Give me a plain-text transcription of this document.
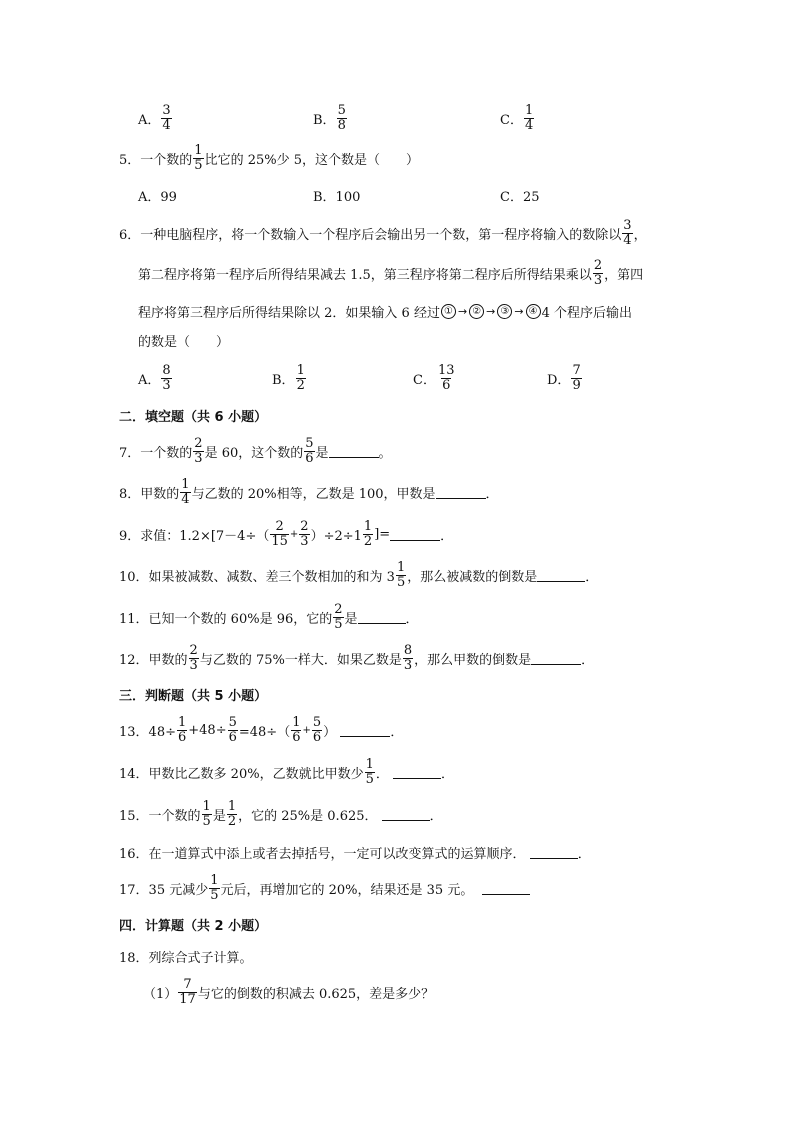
A． $\frac{3}{4}$	B． $\frac{5}{8}$	C． $\frac{1}{4}$
5． 一个数的 $\frac{1}{5}$ 比它的 25%少 5，这个数是（　　）
A．99	B．100	C．25
6． 一种电脑程序，将一个数输入一个程序后会输出另一个数，第一程序将输入的数除以 $\frac{3}{4}$ ，
第二程序将第一程序后所得结果减去 1.5，第三程序将第二程序后所得结果乘以 $\frac{2}{3}$ ，第四
程序将第三程序后所得结果除以 2．如果输入 6 经过 ① → ② → ③ → ④ 4 个程序后输出
的数是（　　）
A． $\frac{8}{3}$	B． $\frac{1}{2}$	C． $\frac{13}{6}$	D． $\frac{7}{9}$
二．填空题（共 6 小题）
7．一个数的 $\frac{2}{3}$ 是 60，这个数的 $\frac{5}{6}$ 是	。
8．甲数的 $\frac{1}{4}$ 与乙数的 20%相等，乙数是 100，甲数是	．
9．求值：$1.2\times[7-4\div( \frac{2}{15} + \frac{2}{3} )\div 2\div 1 \frac{1}{2}$ ]=	．
10．如果被减数、减数、差三个数相加的和为 $3 \frac{1}{5}$ ，那么被减数的倒数是	．
11．已知一个数的 60%是 96，它的 $\frac{2}{5}$ 是	．
12．甲数的 $\frac{2}{3}$ 与乙数的 75%一样大．如果乙数是 $\frac{8}{3}$ ，那么甲数的倒数是	．
三．判断题（共 5 小题）
13．$48\div \frac{1}{6} +48\div \frac{5}{6} =48\div( \frac{1}{6} + \frac{5}{6}$ ）
	．
14．甲数比乙数多 20%，乙数就比甲数少 $\frac{1}{5}$ ．
	．
15．一个数的 $\frac{1}{5}$ 是 $\frac{1}{2}$ ，它的 25%是 0.625．
	．
16．在一道算式中添上或者去掉括号，一定可以改变算式的运算顺序．
	．
17．35 元减少 $\frac{1}{5}$ 元后，再增加它的 20%，结果还是 35 元。

四．计算题（共 2 小题）
18．列综合式子计算。
$(1) \frac{7}{17}$ 与它的倒数的积减去 0.625，差是多少？
